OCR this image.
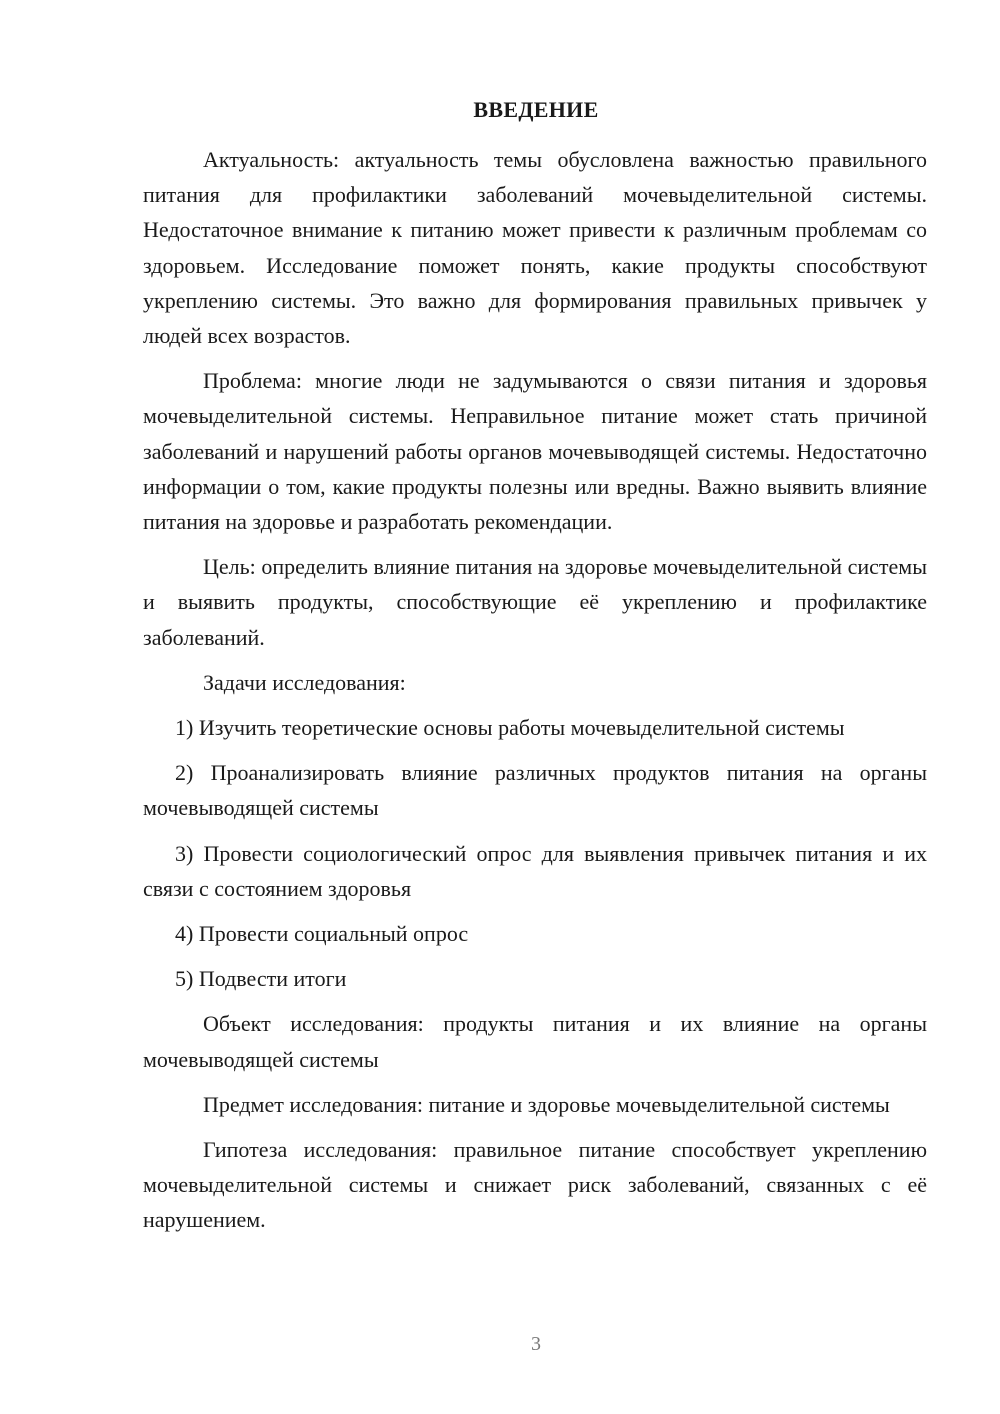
ВВЕДЕНИЕ

Актуальность: актуальность темы обусловлена важностью правильного питания для профилактики заболеваний мочевыделительной системы. Недостаточное внимание к питанию может привести к различным проблемам со здоровьем. Исследование поможет понять, какие продукты способствуют укреплению системы. Это важно для формирования правильных привычек у людей всех возрастов.

Проблема: многие люди не задумываются о связи питания и здоровья мочевыделительной системы. Неправильное питание может стать причиной заболеваний и нарушений работы органов мочевыводящей системы. Недостаточно информации о том, какие продукты полезны или вредны. Важно выявить влияние питания на здоровье и разработать рекомендации.

Цель: определить влияние питания на здоровье мочевыделительной системы и выявить продукты, способствующие её укреплению и профилактике заболеваний.

Задачи исследования:

1) Изучить теоретические основы работы мочевыделительной системы

2) Проанализировать влияние различных продуктов питания на органы мочевыводящей системы

3) Провести социологический опрос для выявления привычек питания и их связи с состоянием здоровья

4) Провести социальный опрос

5) Подвести итоги

Объект исследования: продукты питания и их влияние на органы мочевыводящей системы

Предмет исследования: питание и здоровье мочевыделительной системы

Гипотеза исследования: правильное питание способствует укреплению мочевыделительной системы и снижает риск заболеваний, связанных с её нарушением.

3
